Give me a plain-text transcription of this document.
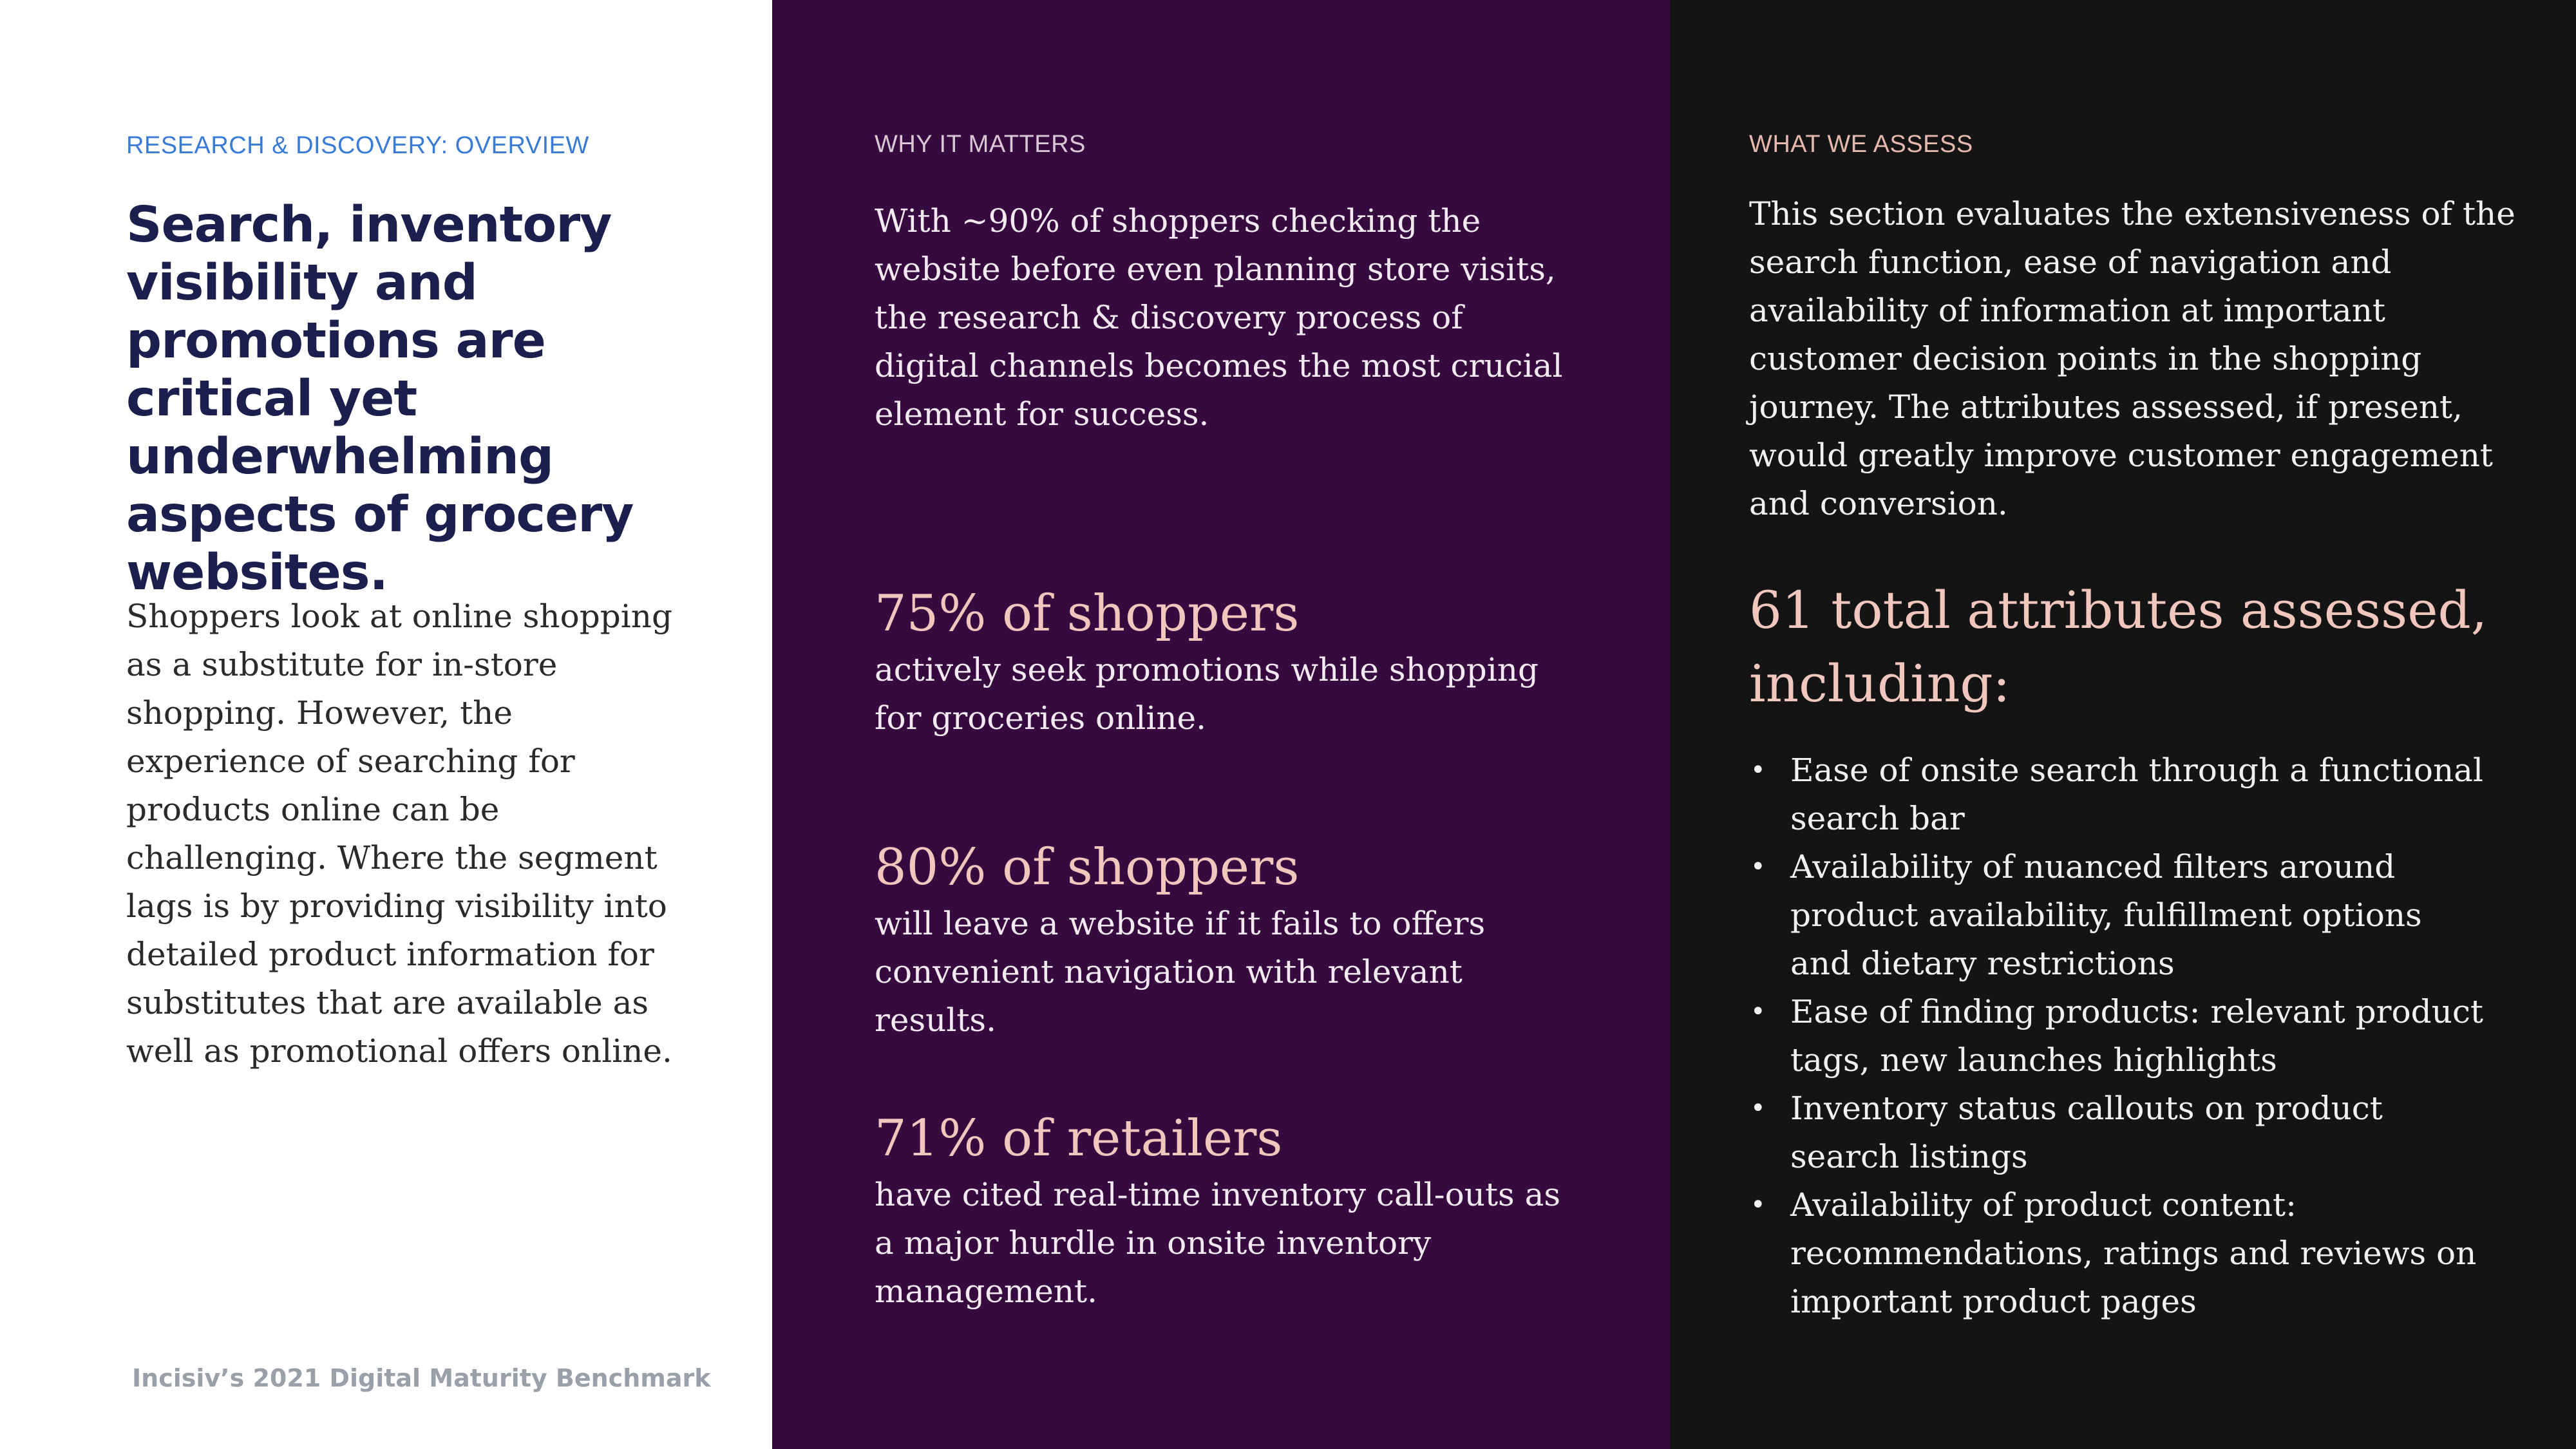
RESEARCH & DISCOVERY: OVERVIEW
Search, inventory visibility and promotions are critical yet underwhelming aspects of grocery websites.

Shoppers look at online shopping as a substitute for in-store shopping. However, the experience of searching for products online can be challenging. Where the segment lags is by providing visibility into detailed product information for substitutes that are available as well as promotional offers online.

Incisiv’s 2021 Digital Maturity Benchmark
WHY IT MATTERS

With ~90% of shoppers checking the website before even planning store visits, the research & discovery process of digital channels becomes the most crucial element for success.

75% of shoppers

actively seek promotions while shopping for groceries online.

80% of shoppers

will leave a website if it fails to offers convenient navigation with relevant results.

71% of retailers

have cited real-time inventory call-outs as a major hurdle in onsite inventory management.

WHAT WE ASSESS

This section evaluates the extensiveness of the search function, ease of navigation and availability of information at important customer decision points in the shopping journey. The attributes assessed, if present, would greatly improve customer engagement and conversion.

61 total attributes assessed, including:

• Ease of onsite search through a functional search bar
• Availability of nuanced filters around product availability, fulfillment options and dietary restrictions
• Ease of finding products: relevant product tags, new launches highlights
• Inventory status callouts on product search listings
• Availability of product content: recommendations, ratings and reviews on important product pages
